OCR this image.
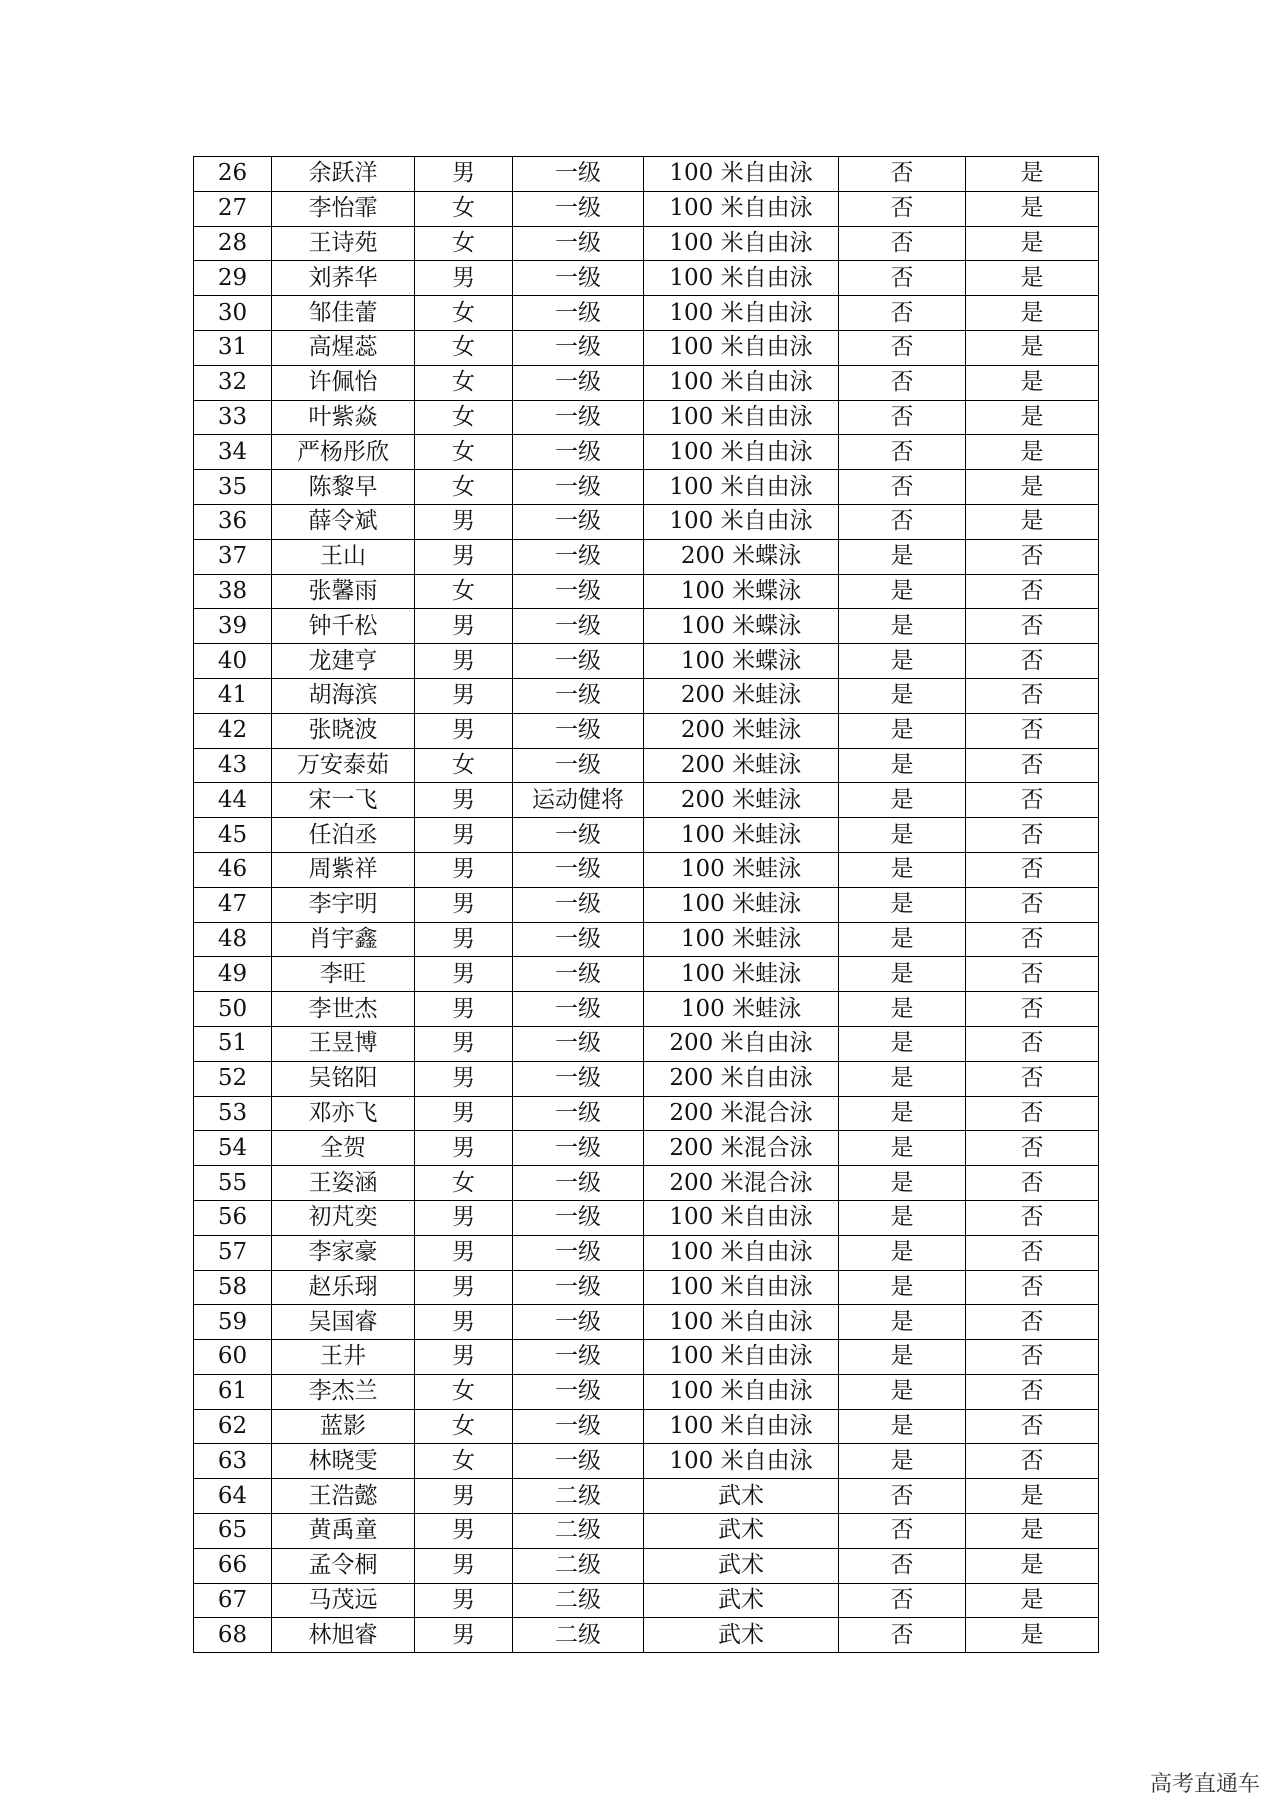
26	余跃洋	男	一级	100 米自由泳	否	是
27	李怡霏	女	一级	100 米自由泳	否	是
28	王诗苑	女	一级	100 米自由泳	否	是
29	刘荞华	男	一级	100 米自由泳	否	是
30	邹佳蕾	女	一级	100 米自由泳	否	是
31	高煋蕊	女	一级	100 米自由泳	否	是
32	许佩怡	女	一级	100 米自由泳	否	是
33	叶紫焱	女	一级	100 米自由泳	否	是
34	严杨彤欣	女	一级	100 米自由泳	否	是
35	陈黎早	女	一级	100 米自由泳	否	是
36	薛令斌	男	一级	100 米自由泳	否	是
37	王山	男	一级	200 米蝶泳	是	否
38	张馨雨	女	一级	100 米蝶泳	是	否
39	钟千松	男	一级	100 米蝶泳	是	否
40	龙建亨	男	一级	100 米蝶泳	是	否
41	胡海滨	男	一级	200 米蛙泳	是	否
42	张晓波	男	一级	200 米蛙泳	是	否
43	万安泰茹	女	一级	200 米蛙泳	是	否
44	宋一飞	男	运动健将	200 米蛙泳	是	否
45	任泊丞	男	一级	100 米蛙泳	是	否
46	周紫祥	男	一级	100 米蛙泳	是	否
47	李宇明	男	一级	100 米蛙泳	是	否
48	肖宇鑫	男	一级	100 米蛙泳	是	否
49	李旺	男	一级	100 米蛙泳	是	否
50	李世杰	男	一级	100 米蛙泳	是	否
51	王昱博	男	一级	200 米自由泳	是	否
52	吴铭阳	男	一级	200 米自由泳	是	否
53	邓亦飞	男	一级	200 米混合泳	是	否
54	全贺	男	一级	200 米混合泳	是	否
55	王姿涵	女	一级	200 米混合泳	是	否
56	初芃奕	男	一级	100 米自由泳	是	否
57	李家豪	男	一级	100 米自由泳	是	否
58	赵乐珝	男	一级	100 米自由泳	是	否
59	吴国睿	男	一级	100 米自由泳	是	否
60	王井	男	一级	100 米自由泳	是	否
61	李杰兰	女	一级	100 米自由泳	是	否
62	蓝影	女	一级	100 米自由泳	是	否
63	林晓雯	女	一级	100 米自由泳	是	否
64	王浩懿	男	二级	武术	否	是
65	黄禹童	男	二级	武术	否	是
66	孟令桐	男	二级	武术	否	是
67	马茂远	男	二级	武术	否	是
68	林旭睿	男	二级	武术	否	是
高考直通车
